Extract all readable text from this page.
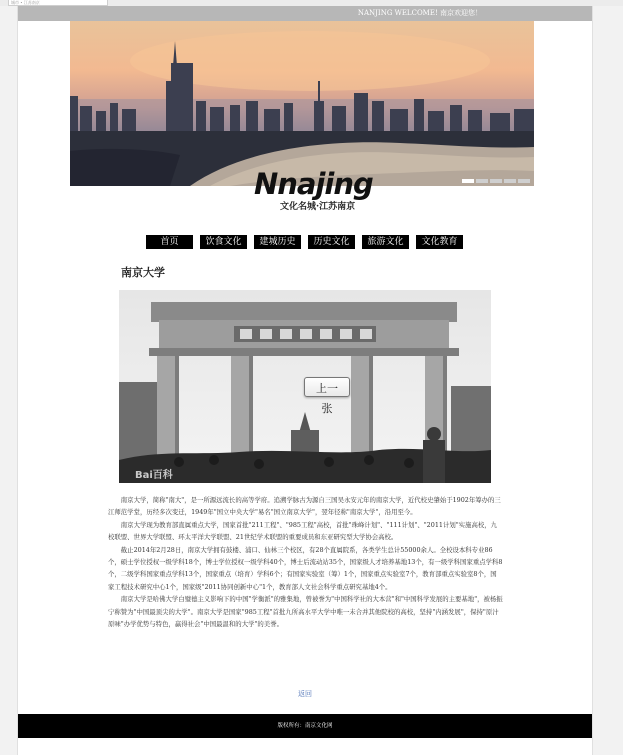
城市 • 江苏南京
NANJING WELCOME! 南京欢迎您！
Nnajing
文化名城·江苏南京
首页	饮食文化	建城历史	历史文化	旅游文化	文化教育
南京大学
Bai百科
上一张

南京大学，简称"南大"，是一所源远流长的高等学府。追溯学脉古为源自三国吴永安元年的南京大学，近代校史肇始于1902年筹办的三江师范学堂，历经多次变迁，1949年"国立中央大学"易名"国立南京大学"，翌年径称"南京大学"，沿用至今。

南京大学现为教育部直属重点大学，国家首批"211工程"、"985工程"高校，首批"珠峰计划"、"111计划"、"2011计划"实施高校，九校联盟、世界大学联盟、环太平洋大学联盟、21世纪学术联盟的重要成员和东亚研究型大学协会高校。

截止2014年2月28日，南京大学拥有鼓楼、浦口、仙林三个校区，有28个直属院系，各类学生总计55000余人。全校设本科专业86个，硕士学位授权一级学科18个，博士学位授权一级学科40个，博士后流动站35个，国家级人才培养基地13个，有一级学科国家重点学科8个，二级学科国家重点学科13个，国家重点（培育）学科6个；有国家实验室（筹）1个，国家重点实验室7个，教育部重点实验室8个，国家工程技术研究中心1个，国家级"2011协同创新中心"1个，教育部人文社会科学重点研究基地4个。

南京大学是哈佛大学白璧德主义影响下的中国"学衡派"的雅集地，曾被誉为"中国科学社的大本营"和"中国科学发展的主要基地"，被杨振宁称赞为"中国最顶尖的大学"。南京大学是国家"985工程"首批九所高水平大学中唯一未合并其他院校的高校，坚持"内涵发展"，保持"原汁原味"办学优势与特色，赢得社会"中国最温和的大学"的美誉。

返回
版权所有：南京文化网
